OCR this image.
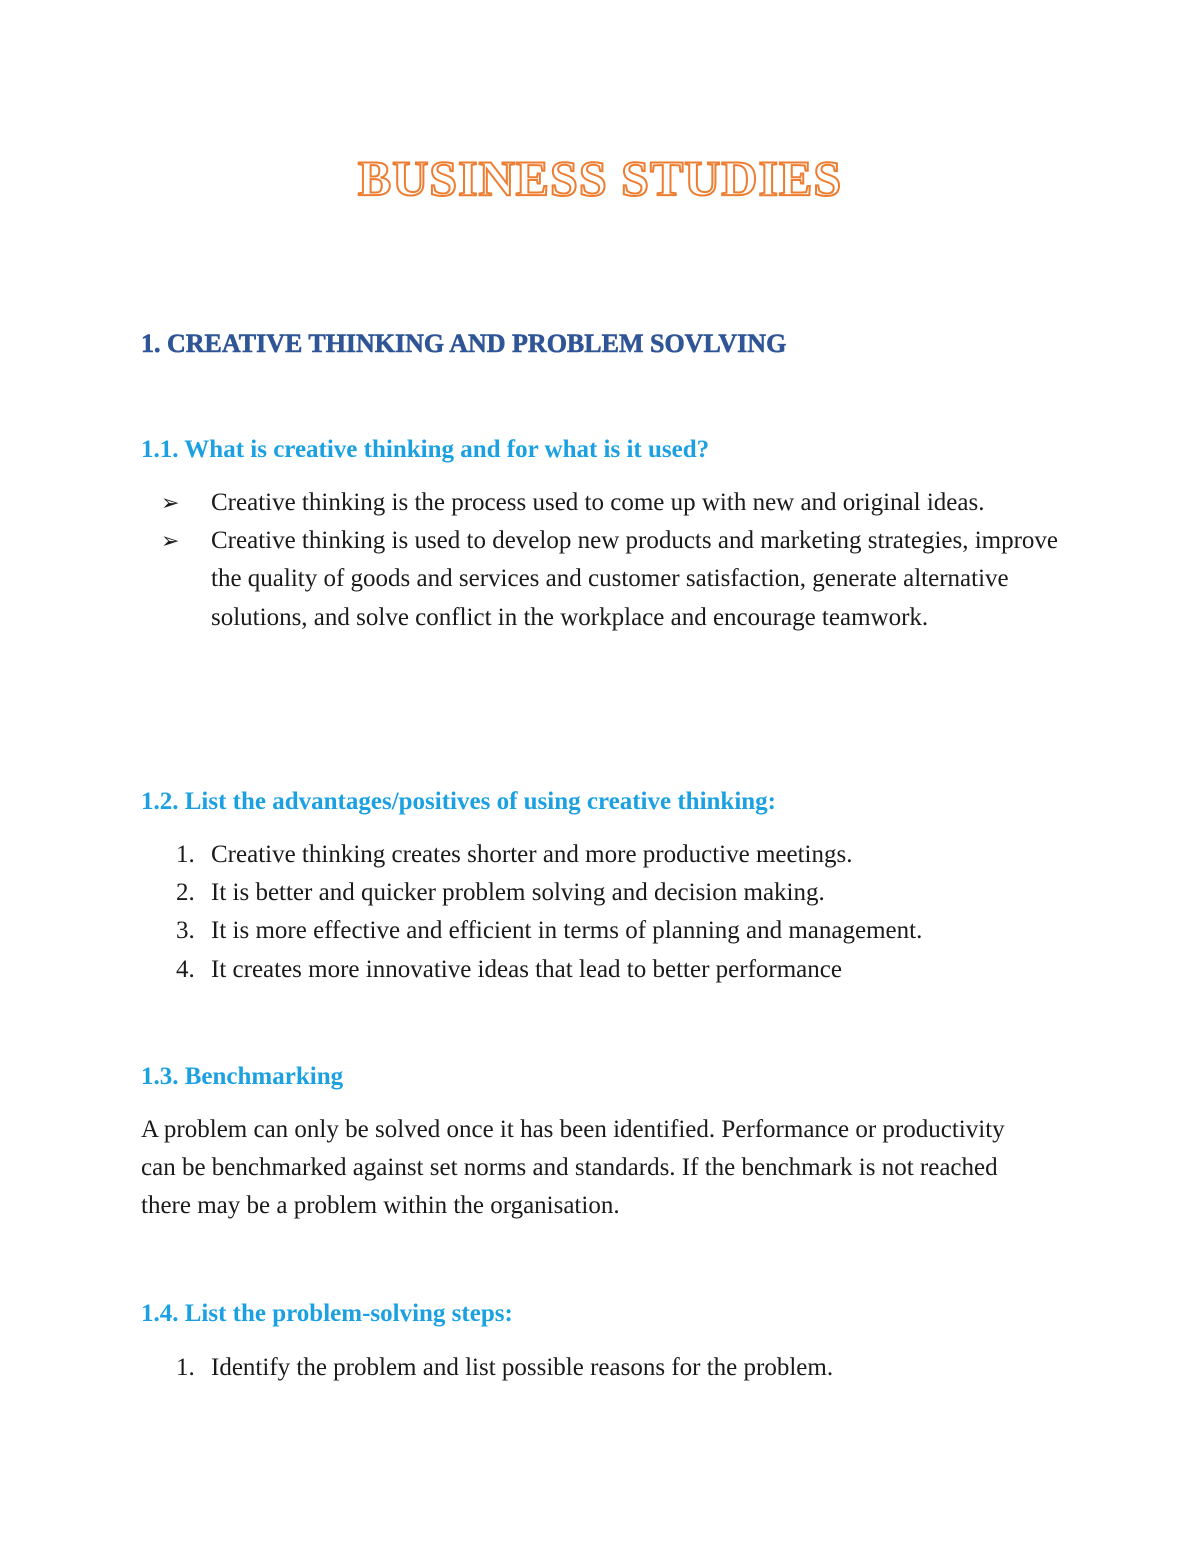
BUSINESS STUDIES
1. CREATIVE THINKING AND PROBLEM SOVLVING
1.1. What is creative thinking and for what is it used?
➢	Creative thinking is the process used to come up with new and original ideas.
➢	Creative thinking is used to develop new products and marketing strategies, improve the quality of goods and services and customer satisfaction, generate alternative solutions, and solve conflict in the workplace and encourage teamwork.
1.2. List the advantages/positives of using creative thinking:
1. Creative thinking creates shorter and more productive meetings.
2. It is better and quicker problem solving and decision making.
3. It is more effective and efficient in terms of planning and management.
4. It creates more innovative ideas that lead to better performance
1.3. Benchmarking

A problem can only be solved once it has been identified. Performance or productivity can be benchmarked against set norms and standards. If the benchmark is not reached there may be a problem within the organisation.

1.4. List the problem-solving steps:
1. Identify the problem and list possible reasons for the problem.
